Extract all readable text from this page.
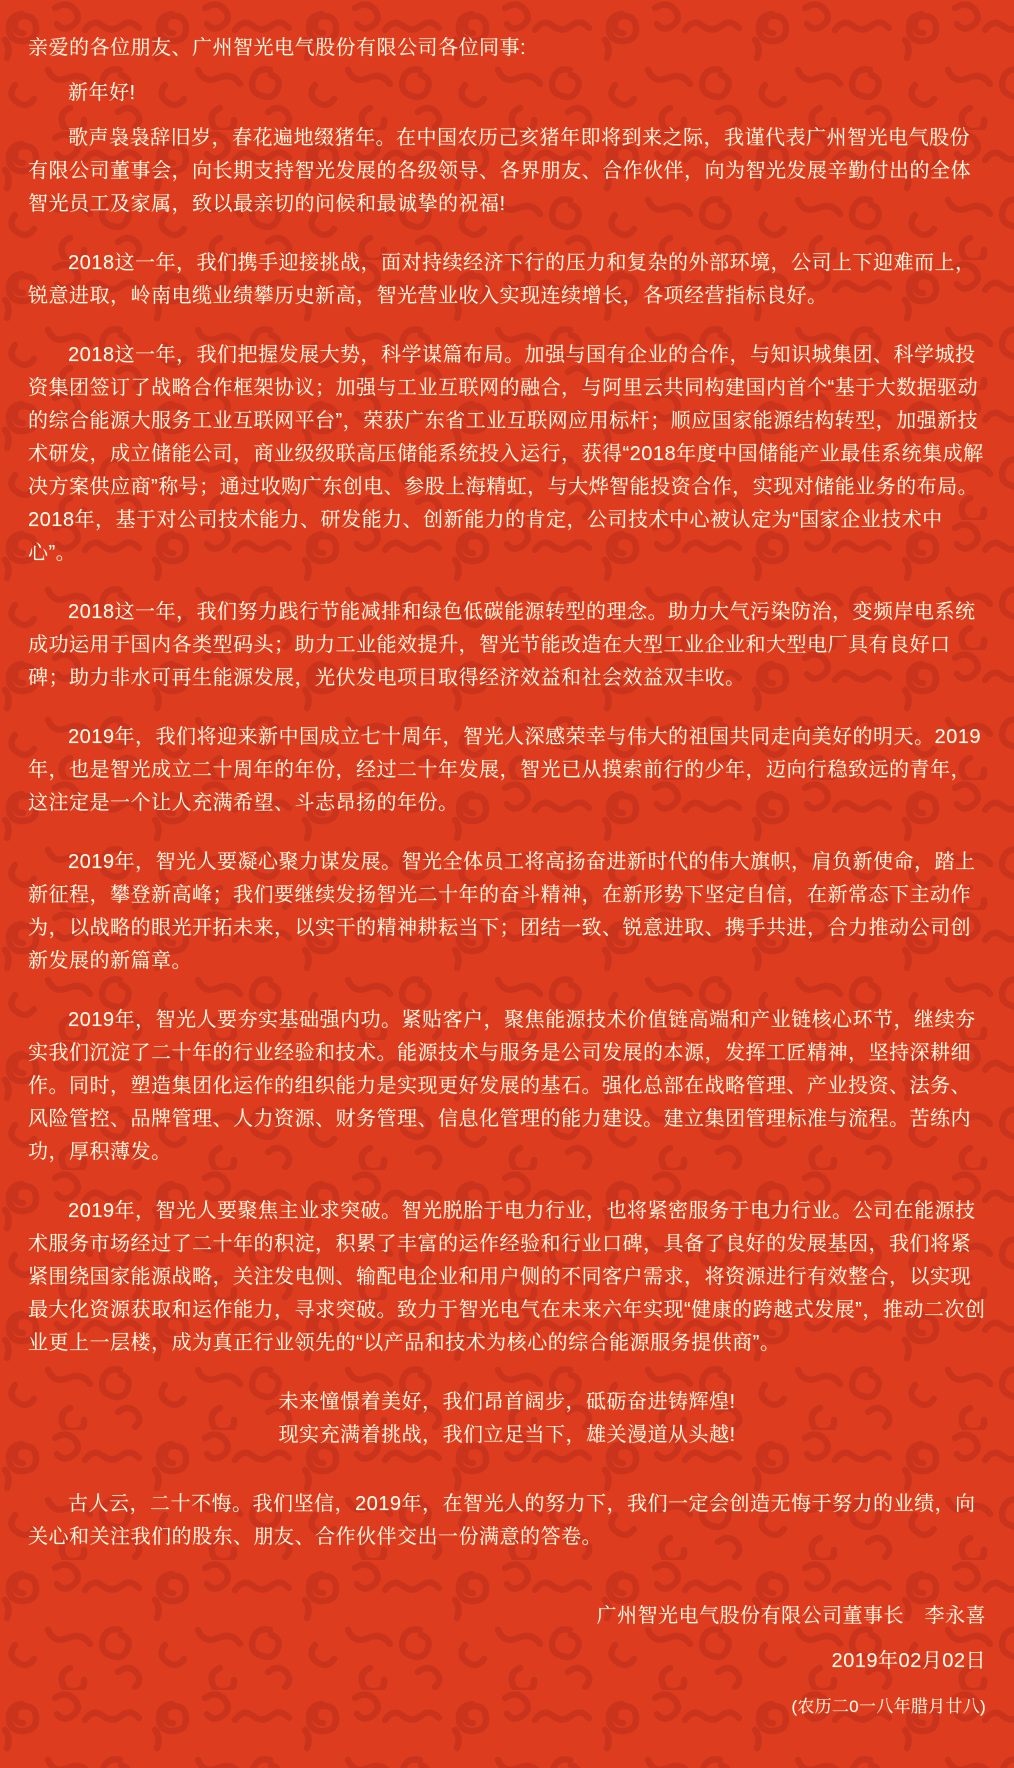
亲爱的各位朋友、广州智光电气股份有限公司各位同事:

新年好!

歌声袅袅辞旧岁，春花遍地缀猪年。在中国农历己亥猪年即将到来之际，我谨代表广州智光电气股份有限公司董事会，向长期支持智光发展的各级领导、各界朋友、合作伙伴，向为智光发展辛勤付出的全体智光员工及家属，致以最亲切的问候和最诚挚的祝福!

2018这一年，我们携手迎接挑战，面对持续经济下行的压力和复杂的外部环境，公司上下迎难而上，锐意进取，岭南电缆业绩攀历史新高，智光营业收入实现连续增长，各项经营指标良好。

2018这一年，我们把握发展大势，科学谋篇布局。加强与国有企业的合作，与知识城集团、科学城投资集团签订了战略合作框架协议；加强与工业互联网的融合，与阿里云共同构建国内首个“基于大数据驱动的综合能源大服务工业互联网平台”，荣获广东省工业互联网应用标杆；顺应国家能源结构转型，加强新技术研发，成立储能公司，商业级级联高压储能系统投入运行，获得“2018年度中国储能产业最佳系统集成解决方案供应商”称号；通过收购广东创电、参股上海精虹，与大烨智能投资合作，实现对储能业务的布局。2018年，基于对公司技术能力、研发能力、创新能力的肯定，公司技术中心被认定为“国家企业技术中心”。

2018这一年，我们努力践行节能减排和绿色低碳能源转型的理念。助力大气污染防治，变频岸电系统成功运用于国内各类型码头；助力工业能效提升，智光节能改造在大型工业企业和大型电厂具有良好口碑；助力非水可再生能源发展，光伏发电项目取得经济效益和社会效益双丰收。

2019年，我们将迎来新中国成立七十周年，智光人深感荣幸与伟大的祖国共同走向美好的明天。2019年，也是智光成立二十周年的年份，经过二十年发展，智光已从摸索前行的少年，迈向行稳致远的青年，这注定是一个让人充满希望、斗志昂扬的年份。

2019年，智光人要凝心聚力谋发展。智光全体员工将高扬奋进新时代的伟大旗帜，肩负新使命，踏上新征程，攀登新高峰；我们要继续发扬智光二十年的奋斗精神，在新形势下坚定自信，在新常态下主动作为，以战略的眼光开拓未来，以实干的精神耕耘当下；团结一致、锐意进取、携手共进，合力推动公司创新发展的新篇章。

2019年，智光人要夯实基础强内功。紧贴客户，聚焦能源技术价值链高端和产业链核心环节，继续夯实我们沉淀了二十年的行业经验和技术。能源技术与服务是公司发展的本源，发挥工匠精神，坚持深耕细作。同时，塑造集团化运作的组织能力是实现更好发展的基石。强化总部在战略管理、产业投资、法务、风险管控、品牌管理、人力资源、财务管理、信息化管理的能力建设。建立集团管理标准与流程。苦练内功，厚积薄发。

2019年，智光人要聚焦主业求突破。智光脱胎于电力行业，也将紧密服务于电力行业。公司在能源技术服务市场经过了二十年的积淀，积累了丰富的运作经验和行业口碑，具备了良好的发展基因，我们将紧紧围绕国家能源战略，关注发电侧、输配电企业和用户侧的不同客户需求，将资源进行有效整合，以实现最大化资源获取和运作能力，寻求突破。致力于智光电气在未来六年实现“健康的跨越式发展”，推动二次创业更上一层楼，成为真正行业领先的“以产品和技术为核心的综合能源服务提供商”。

未来憧憬着美好，我们昂首阔步，砥砺奋进铸辉煌!

现实充满着挑战，我们立足当下，雄关漫道从头越!

古人云，二十不悔。我们坚信，2019年，在智光人的努力下，我们一定会创造无悔于努力的业绩，向关心和关注我们的股东、朋友、合作伙伴交出一份满意的答卷。

广州智光电气股份有限公司董事长　李永喜

2019年02月02日

(农历二0一八年腊月廿八)
